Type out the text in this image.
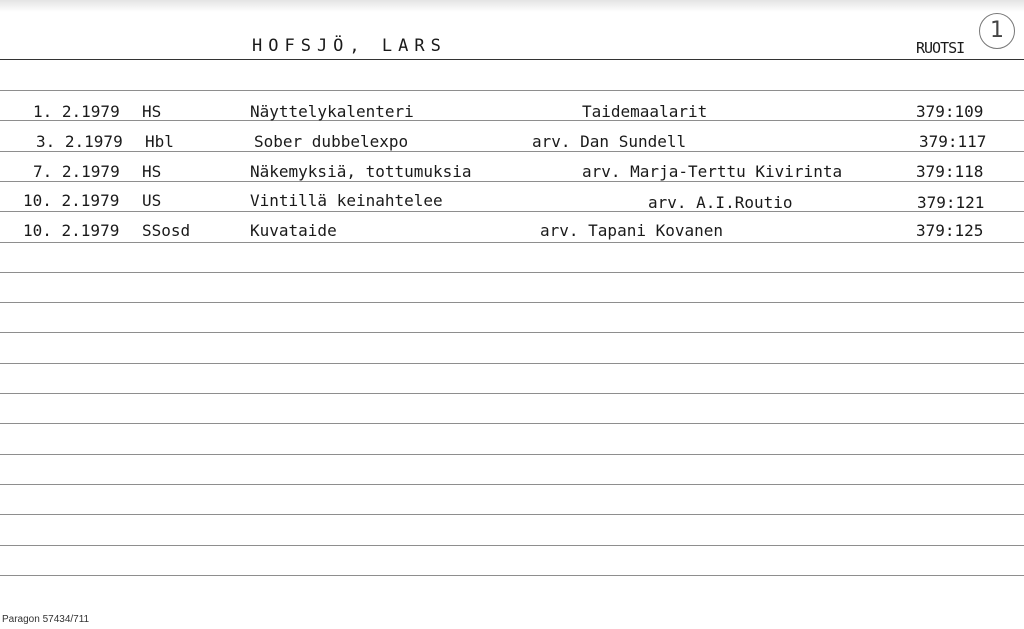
HOFSJÖ, LARS	RUOTSI
1
1. 2.1979 HS	Näyttelykalenteri	Taidemaalarit	379:109
3. 2.1979 Hbl	Sober dubbelexpo	arv. Dan Sundell	379:117
7. 2.1979 HS	Näkemyksiä, tottumuksia	arv. Marja-Terttu Kivirinta	379:118
10. 2.1979 US	Vintillä keinahtelee	arv. A.I.Routio	379:121
10. 2.1979 SSosd	Kuvataide	arv. Tapani Kovanen	379:125
Paragon 57434/711
